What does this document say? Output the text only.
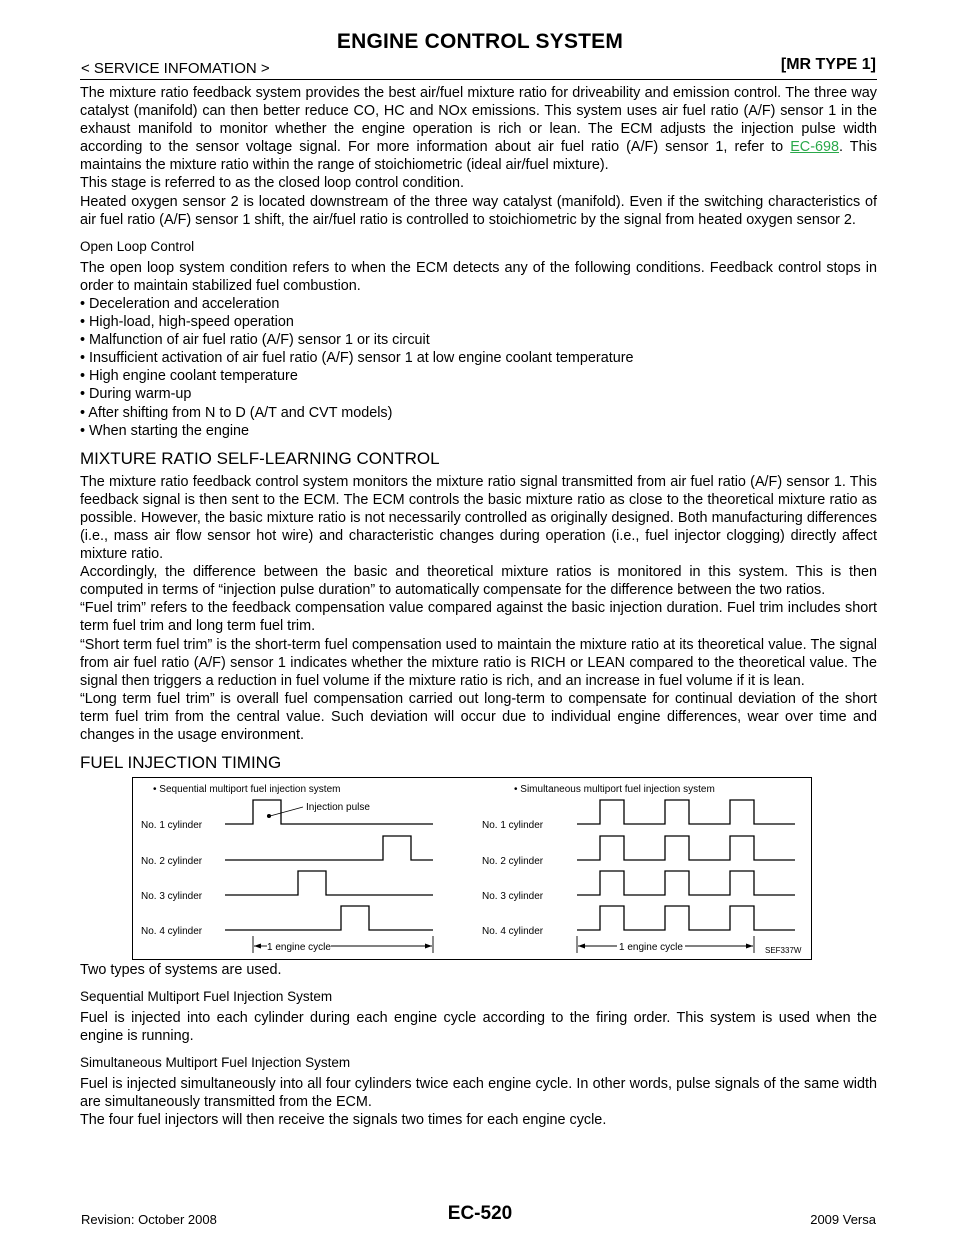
ENGINE CONTROL SYSTEM
< SERVICE INFOMATION >	[MR TYPE 1]

The mixture ratio feedback system provides the best air/fuel mixture ratio for driveability and emission control. The three way catalyst (manifold) can then better reduce CO, HC and NOx emissions. This system uses air fuel ratio (A/F) sensor 1 in the exhaust manifold to monitor whether the engine operation is rich or lean. The ECM adjusts the injection pulse width according to the sensor voltage signal. For more information about air fuel ratio (A/F) sensor 1, refer to EC-698. This maintains the mixture ratio within the range of stoichiometric (ideal air/fuel mixture).

This stage is referred to as the closed loop control condition.

Heated oxygen sensor 2 is located downstream of the three way catalyst (manifold). Even if the switching characteristics of air fuel ratio (A/F) sensor 1 shift, the air/fuel ratio is controlled to stoichiometric by the signal from heated oxygen sensor 2.

Open Loop Control

The open loop system condition refers to when the ECM detects any of the following conditions. Feedback control stops in order to maintain stabilized fuel combustion.

• Deceleration and acceleration
• High-load, high-speed operation
• Malfunction of air fuel ratio (A/F) sensor 1 or its circuit
• Insufficient activation of air fuel ratio (A/F) sensor 1 at low engine coolant temperature
• High engine coolant temperature
• During warm-up
• After shifting from N to D (A/T and CVT models)
• When starting the engine
MIXTURE RATIO SELF-LEARNING CONTROL

The mixture ratio feedback control system monitors the mixture ratio signal transmitted from air fuel ratio (A/F) sensor 1. This feedback signal is then sent to the ECM. The ECM controls the basic mixture ratio as close to the theoretical mixture ratio as possible. However, the basic mixture ratio is not necessarily controlled as originally designed. Both manufacturing differences (i.e., mass air flow sensor hot wire) and characteristic changes during operation (i.e., fuel injector clogging) directly affect mixture ratio.

Accordingly, the difference between the basic and theoretical mixture ratios is monitored in this system. This is then computed in terms of “injection pulse duration” to automatically compensate for the difference between the two ratios.

“Fuel trim” refers to the feedback compensation value compared against the basic injection duration. Fuel trim includes short term fuel trim and long term fuel trim.

“Short term fuel trim” is the short-term fuel compensation used to maintain the mixture ratio at its theoretical value. The signal from air fuel ratio (A/F) sensor 1 indicates whether the mixture ratio is RICH or LEAN compared to the theoretical value. The signal then triggers a reduction in fuel volume if the mixture ratio is rich, and an increase in fuel volume if it is lean.

“Long term fuel trim” is overall fuel compensation carried out long-term to compensate for continual deviation of the short term fuel trim from the central value. Such deviation will occur due to individual engine differences, wear over time and changes in the usage environment.

FUEL INJECTION TIMING
• Sequential multiport fuel injection system	• Simultaneous multiport fuel injection system
Injection pulse
No. 1 cylinder
No. 2 cylinder
No. 3 cylinder
No. 4 cylinder
No. 1 cylinder
No. 2 cylinder
No. 3 cylinder
No. 4 cylinder
1 engine cycle	1 engine cycle	SEF337W

Two types of systems are used.

Sequential Multiport Fuel Injection System

Fuel is injected into each cylinder during each engine cycle according to the firing order. This system is used when the engine is running.

Simultaneous Multiport Fuel Injection System

Fuel is injected simultaneously into all four cylinders twice each engine cycle. In other words, pulse signals of the same width are simultaneously transmitted from the ECM.

The four fuel injectors will then receive the signals two times for each engine cycle.

Revision: October 2008	EC-520	2009 Versa
